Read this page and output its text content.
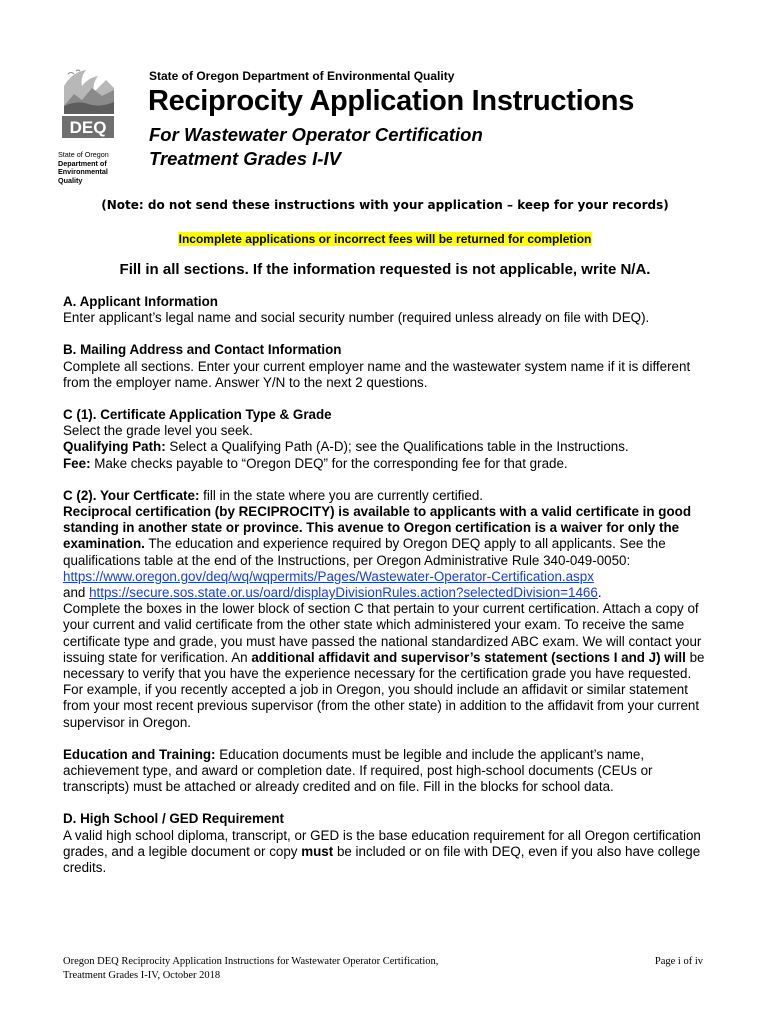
DEQ
State of Oregon
Department of
Environmental
Quality
State of Oregon Department of Environmental Quality
Reciprocity Application Instructions
For Wastewater Operator Certification
Treatment Grades I-IV
(Note: do not send these instructions with your application – keep for your records)
Incomplete applications or incorrect fees will be returned for completion
Fill in all sections. If the information requested is not applicable, write N/A.
A. Applicant Information

Enter applicant’s legal name and social security number (required unless already on file with DEQ).

B. Mailing Address and Contact Information

Complete all sections. Enter your current employer name and the wastewater system name if it is different from the employer name. Answer Y/N to the next 2 questions.

C (1). Certificate Application Type & Grade

Select the grade level you seek.

Qualifying Path: Select a Qualifying Path (A-D); see the Qualifications table in the Instructions.

Fee: Make checks payable to “Oregon DEQ” for the corresponding fee for that grade.

C (2). Your Certficate: fill in the state where you are currently certified.

Reciprocal certification (by RECIPROCITY) is available to applicants with a valid certificate in good standing in another state or province. This avenue to Oregon certification is a waiver for only the examination. The education and experience required by Oregon DEQ apply to all applicants. See the qualifications table at the end of the Instructions, per Oregon Administrative Rule 340-049-0050:
https://www.oregon.gov/deq/wq/wqpermits/Pages/Wastewater-Operator-Certification.aspx
and https://secure.sos.state.or.us/oard/displayDivisionRules.action?selectedDivision=1466.
Complete the boxes in the lower block of section C that pertain to your current certification. Attach a copy of your current and valid certificate from the other state which administered your exam. To receive the same certificate type and grade, you must have passed the national standardized ABC exam. We will contact your issuing state for verification. An additional affidavit and supervisor’s statement (sections I and J) will be necessary to verify that you have the experience necessary for the certification grade you have requested. For example, if you recently accepted a job in Oregon, you should include an affidavit or similar statement from your most recent previous supervisor (from the other state) in addition to the affidavit from your current supervisor in Oregon.

Education and Training: Education documents must be legible and include the applicant’s name, achievement type, and award or completion date. If required, post high-school documents (CEUs or transcripts) must be attached or already credited and on file. Fill in the blocks for school data.

D. High School / GED Requirement

A valid high school diploma, transcript, or GED is the base education requirement for all Oregon certification grades, and a legible document or copy must be included or on file with DEQ, even if you also have college credits.

Oregon DEQ Reciprocity Application Instructions for Wastewater Operator Certification,
Treatment Grades I-IV, October 2018
Page i of iv
